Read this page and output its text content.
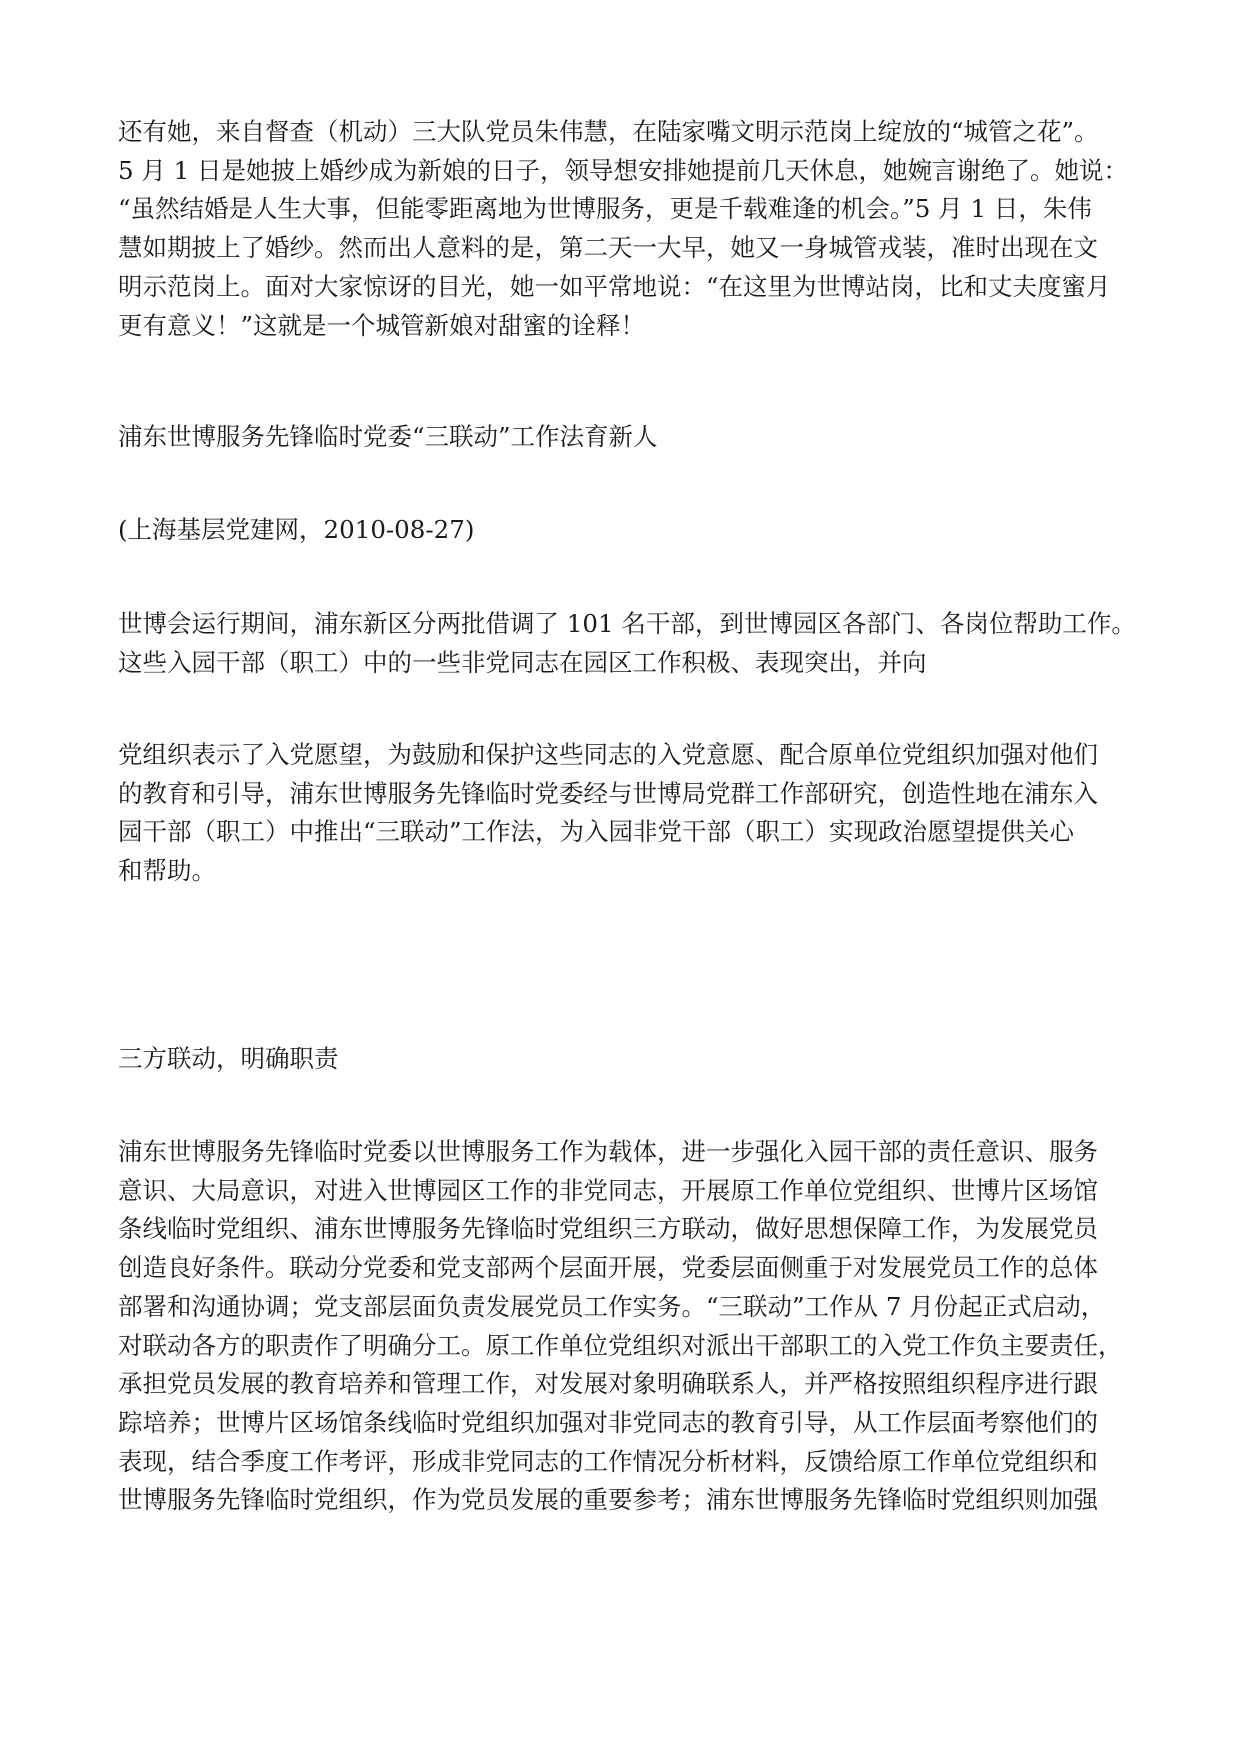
还有她，来自督查（机动）三大队党员朱伟慧，在陆家嘴文明示范岗上绽放的“城管之花”。
5 月 1 日是她披上婚纱成为新娘的日子，领导想安排她提前几天休息，她婉言谢绝了。她说：
“虽然结婚是人生大事，但能零距离地为世博服务，更是千载难逢的机会。”5 月 1 日，朱伟
慧如期披上了婚纱。然而出人意料的是，第二天一大早，她又一身城管戎装，准时出现在文
明示范岗上。面对大家惊讶的目光，她一如平常地说：“在这里为世博站岗，比和丈夫度蜜月
更有意义！”这就是一个城管新娘对甜蜜的诠释！
浦东世博服务先锋临时党委“三联动”工作法育新人
(上海基层党建网，2010-08-27)
世博会运行期间，浦东新区分两批借调了 101 名干部，到世博园区各部门、各岗位帮助工作。
这些入园干部（职工）中的一些非党同志在园区工作积极、表现突出，并向
党组织表示了入党愿望，为鼓励和保护这些同志的入党意愿、配合原单位党组织加强对他们
的教育和引导，浦东世博服务先锋临时党委经与世博局党群工作部研究，创造性地在浦东入
园干部（职工）中推出“三联动”工作法，为入园非党干部（职工）实现政治愿望提供关心
和帮助。
三方联动，明确职责
浦东世博服务先锋临时党委以世博服务工作为载体，进一步强化入园干部的责任意识、服务
意识、大局意识，对进入世博园区工作的非党同志，开展原工作单位党组织、世博片区场馆
条线临时党组织、浦东世博服务先锋临时党组织三方联动，做好思想保障工作，为发展党员
创造良好条件。联动分党委和党支部两个层面开展，党委层面侧重于对发展党员工作的总体
部署和沟通协调；党支部层面负责发展党员工作实务。“三联动”工作从 7 月份起正式启动，
对联动各方的职责作了明确分工。原工作单位党组织对派出干部职工的入党工作负主要责任，
承担党员发展的教育培养和管理工作，对发展对象明确联系人，并严格按照组织程序进行跟
踪培养；世博片区场馆条线临时党组织加强对非党同志的教育引导，从工作层面考察他们的
表现，结合季度工作考评，形成非党同志的工作情况分析材料，反馈给原工作单位党组织和
世博服务先锋临时党组织，作为党员发展的重要参考；浦东世博服务先锋临时党组织则加强
